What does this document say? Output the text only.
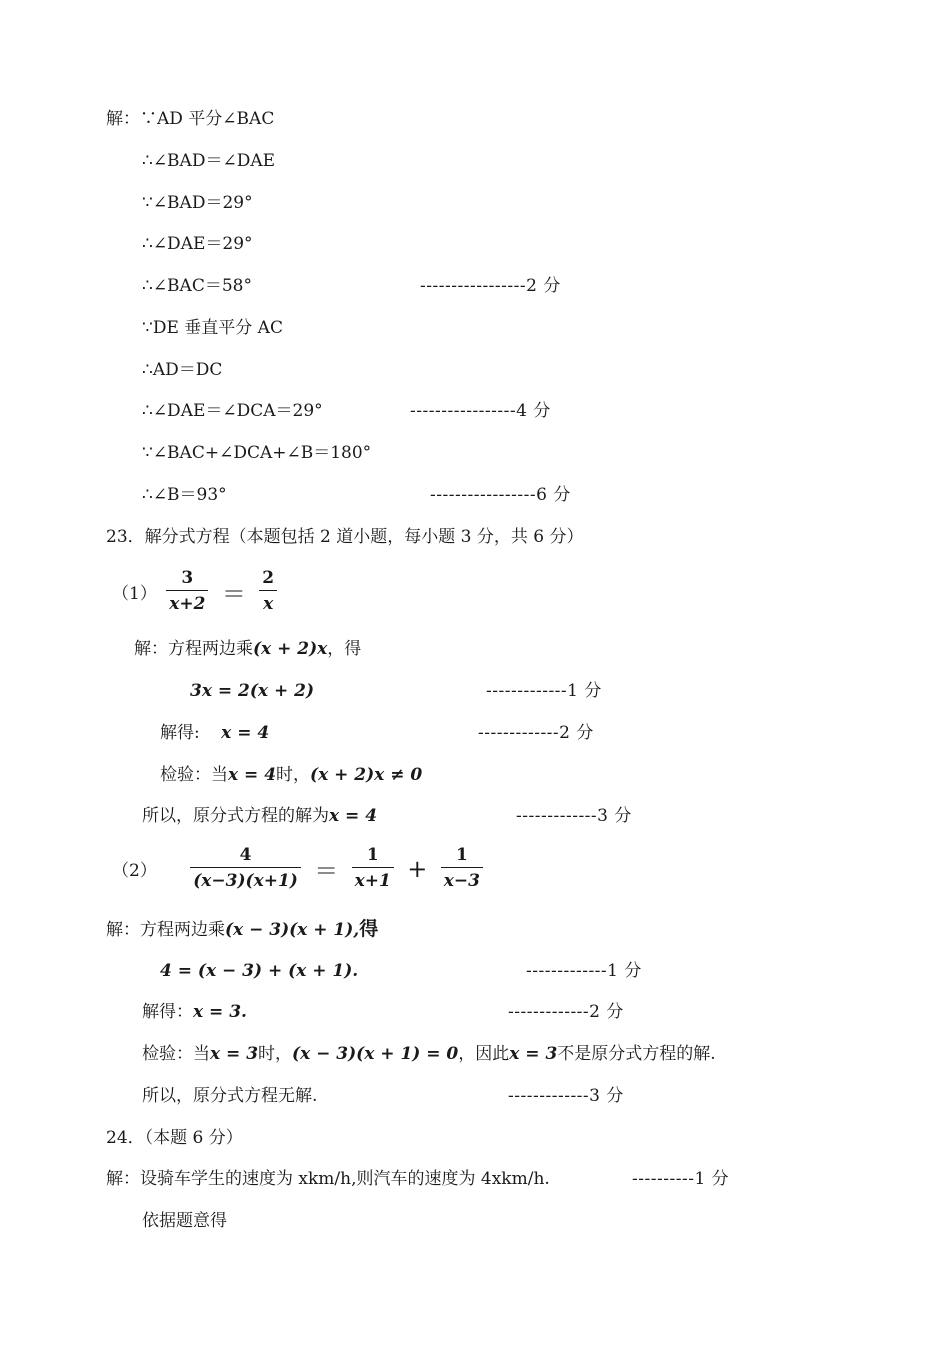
解：∵AD 平分∠BAC
∴∠BAD＝∠DAE
∵∠BAD＝29°
∴∠DAE＝29°
∴∠BAC＝58°	-----------------2 分
∵DE 垂直平分 AC
∴AD＝DC
∴∠DAE＝∠DCA＝29°	-----------------4 分
∵∠BAC+∠DCA+∠B＝180°
∴∠B＝93°	-----------------6 分
23．解分式方程（本题包括 2 道小题，每小题 3 分，共 6 分）
$(1) \frac{3}{x+2} = \frac{2}{x}$
解：方程两边乘(x + 2)x，得
3x = 2(x + 2)	-------------1 分
解得: x = 4	-------------2 分
检验：当x = 4时，(x + 2)x ≠ 0
所以，原分式方程的解为x = 4	-------------3 分
$(2) \frac{4}{(x-3)(x+1)} = \frac{1}{x+1} + \frac{1}{x-3}$
解：方程两边乘(x − 3)(x + 1),得
4 = (x − 3) + (x + 1).	-------------1 分
解得：x = 3.	-------------2 分
检验：当x = 3时，(x − 3)(x + 1) = 0，因此x = 3不是原分式方程的解.
所以，原分式方程无解.	-------------3 分
24．（本题 6 分）
解：设骑车学生的速度为 xkm/h,则汽车的速度为 4xkm/h.	----------1 分
依据题意得
